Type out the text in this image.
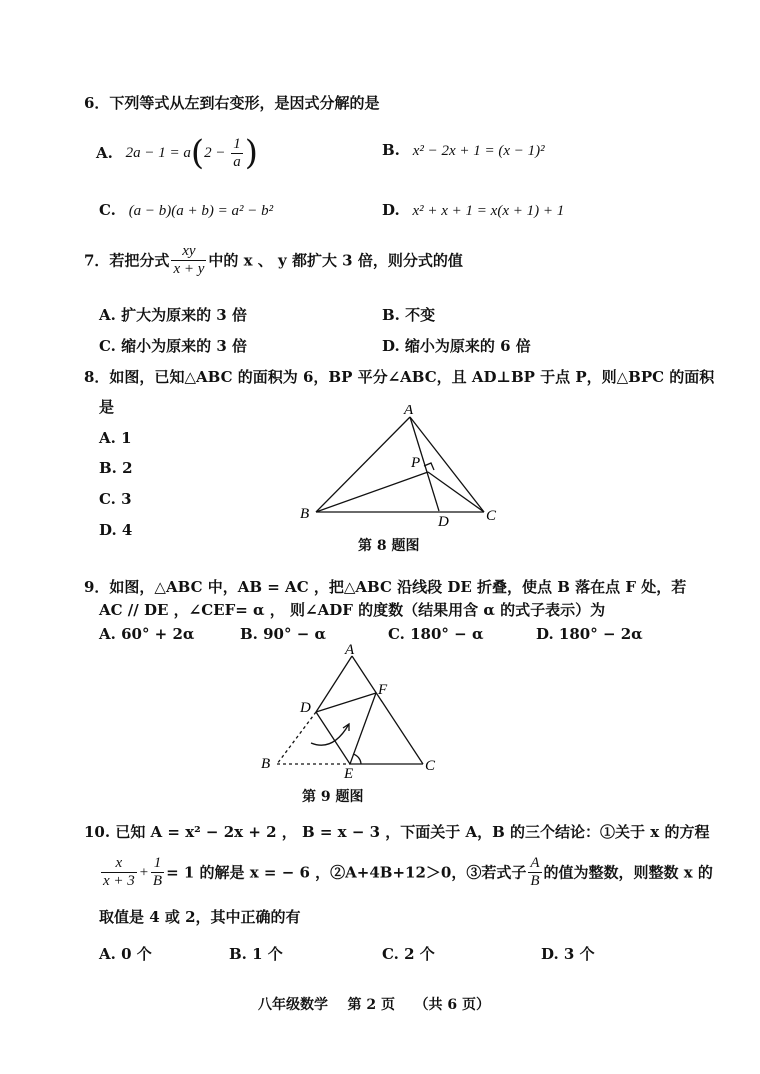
6．下列等式从左到右变形，是因式分解的是
A. $2a - 1 = a(2 - \frac{1}{a}$ )	B. x² − 2x + 1 = (x − 1)²
C. (a − b)(a + b) = a² − b²	D. x² + x + 1 = x(x + 1) + 1
7．若把分式 $\frac{xy}{x + y}$ 中的 x 、 y 都扩大 3 倍，则分式的值
A. 扩大为原来的 3 倍	B. 不变
C. 缩小为原来的 3 倍	D. 缩小为原来的 6 倍
8．如图，已知△ABC 的面积为 6，BP 平分∠ABC，且 AD⊥BP 于点 P，则△BPC 的面积
是
A. 1
B. 2
C. 3
D. 4
A
B	C
D
P
第 8 题图
9．如图，△ABC 中，AB = AC ，把△ABC 沿线段 DE 折叠，使点 B 落在点 F 处，若
AC // DE ，∠CEF= α ， 则∠ADF 的度数（结果用含 α 的式子表示）为
A. 60° + 2α	B. 90° − α	C. 180° − α	D. 180° − 2α
A
B	C
D
E
F
第 9 题图
10. 已知 A = x² − 2x + 2 ， B = x − 3 ，下面关于 A，B 的三个结论：①关于 x 的方程
$\frac{x}{x + 3} + \frac{1}{B} = 1$ 的解是 x = − 6 ，②A+4B+12＞0，③若式子 $\frac{A}{B}$ 的值为整数，则整数 x 的
取值是 4 或 2，其中正确的有
A. 0 个	B. 1 个	C. 2 个	D. 3 个
八年级数学    第 2 页    （共 6 页）
